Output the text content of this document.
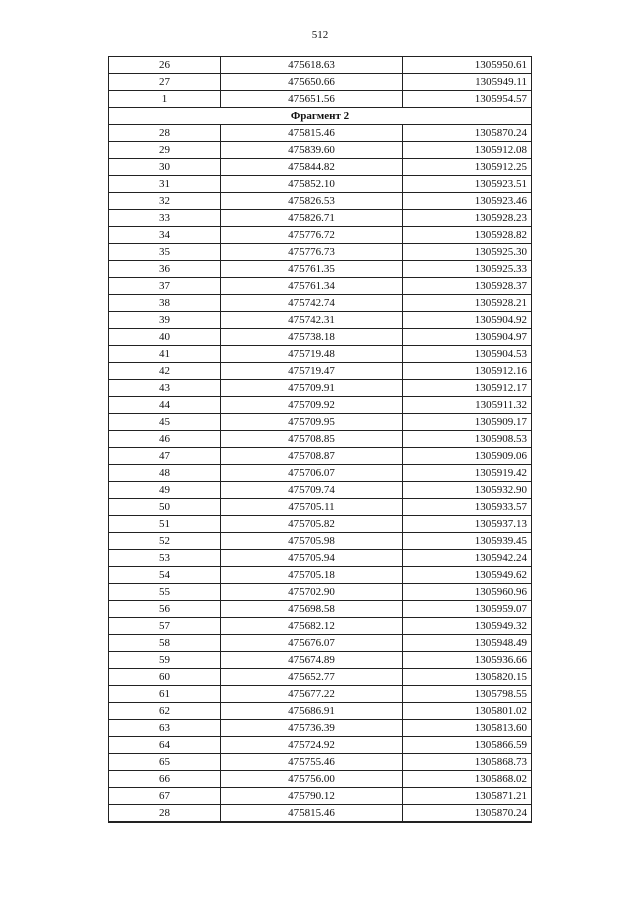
512
26	475618.63	1305950.61
27	475650.66	1305949.11
1	475651.56	1305954.57
Фрагмент 2		
28	475815.46	1305870.24
29	475839.60	1305912.08
30	475844.82	1305912.25
31	475852.10	1305923.51
32	475826.53	1305923.46
33	475826.71	1305928.23
34	475776.72	1305928.82
35	475776.73	1305925.30
36	475761.35	1305925.33
37	475761.34	1305928.37
38	475742.74	1305928.21
39	475742.31	1305904.92
40	475738.18	1305904.97
41	475719.48	1305904.53
42	475719.47	1305912.16
43	475709.91	1305912.17
44	475709.92	1305911.32
45	475709.95	1305909.17
46	475708.85	1305908.53
47	475708.87	1305909.06
48	475706.07	1305919.42
49	475709.74	1305932.90
50	475705.11	1305933.57
51	475705.82	1305937.13
52	475705.98	1305939.45
53	475705.94	1305942.24
54	475705.18	1305949.62
55	475702.90	1305960.96
56	475698.58	1305959.07
57	475682.12	1305949.32
58	475676.07	1305948.49
59	475674.89	1305936.66
60	475652.77	1305820.15
61	475677.22	1305798.55
62	475686.91	1305801.02
63	475736.39	1305813.60
64	475724.92	1305866.59
65	475755.46	1305868.73
66	475756.00	1305868.02
67	475790.12	1305871.21
28	475815.46	1305870.24
